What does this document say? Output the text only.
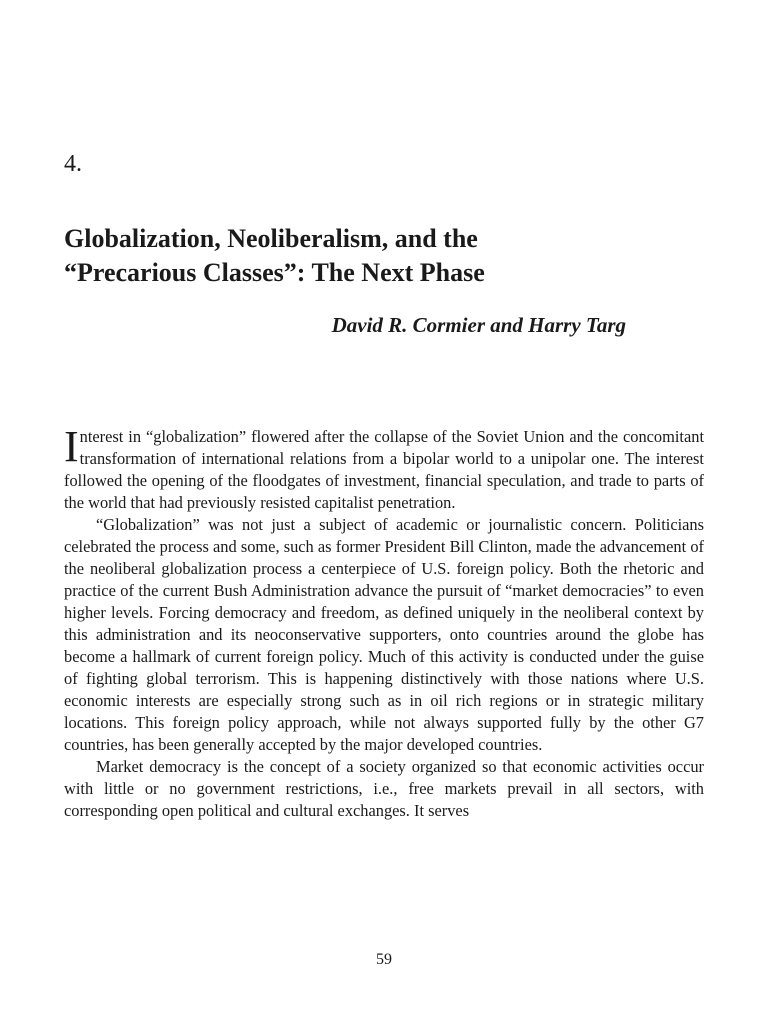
4.

Globalization, Neoliberalism, and the
“Precarious Classes”: The Next Phase

David R. Cormier and Harry Targ

Interest in “globalization” flowered after the collapse of the Soviet Union and the concomitant transformation of international relations from a bipolar world to a unipolar one. The interest followed the opening of the floodgates of investment, financial speculation, and trade to parts of the world that had previously resisted capitalist penetration.

“Globalization” was not just a subject of academic or journalistic concern. Politicians celebrated the process and some, such as former President Bill Clinton, made the advancement of the neoliberal globalization process a centerpiece of U.S. foreign policy. Both the rhetoric and practice of the current Bush Administration advance the pursuit of “market democracies” to even higher levels. Forcing democracy and freedom, as defined uniquely in the neoliberal context by this administration and its neoconservative supporters, onto countries around the globe has become a hallmark of current foreign policy. Much of this activity is conducted under the guise of fighting global terrorism. This is happening distinctively with those nations where U.S. economic interests are especially strong such as in oil rich regions or in strategic military locations. This foreign policy approach, while not always supported fully by the other G7 countries, has been generally accepted by the major developed countries.

Market democracy is the concept of a society organized so that economic activities occur with little or no government restrictions, i.e., free markets prevail in all sectors, with corresponding open political and cultural exchanges. It serves

59
